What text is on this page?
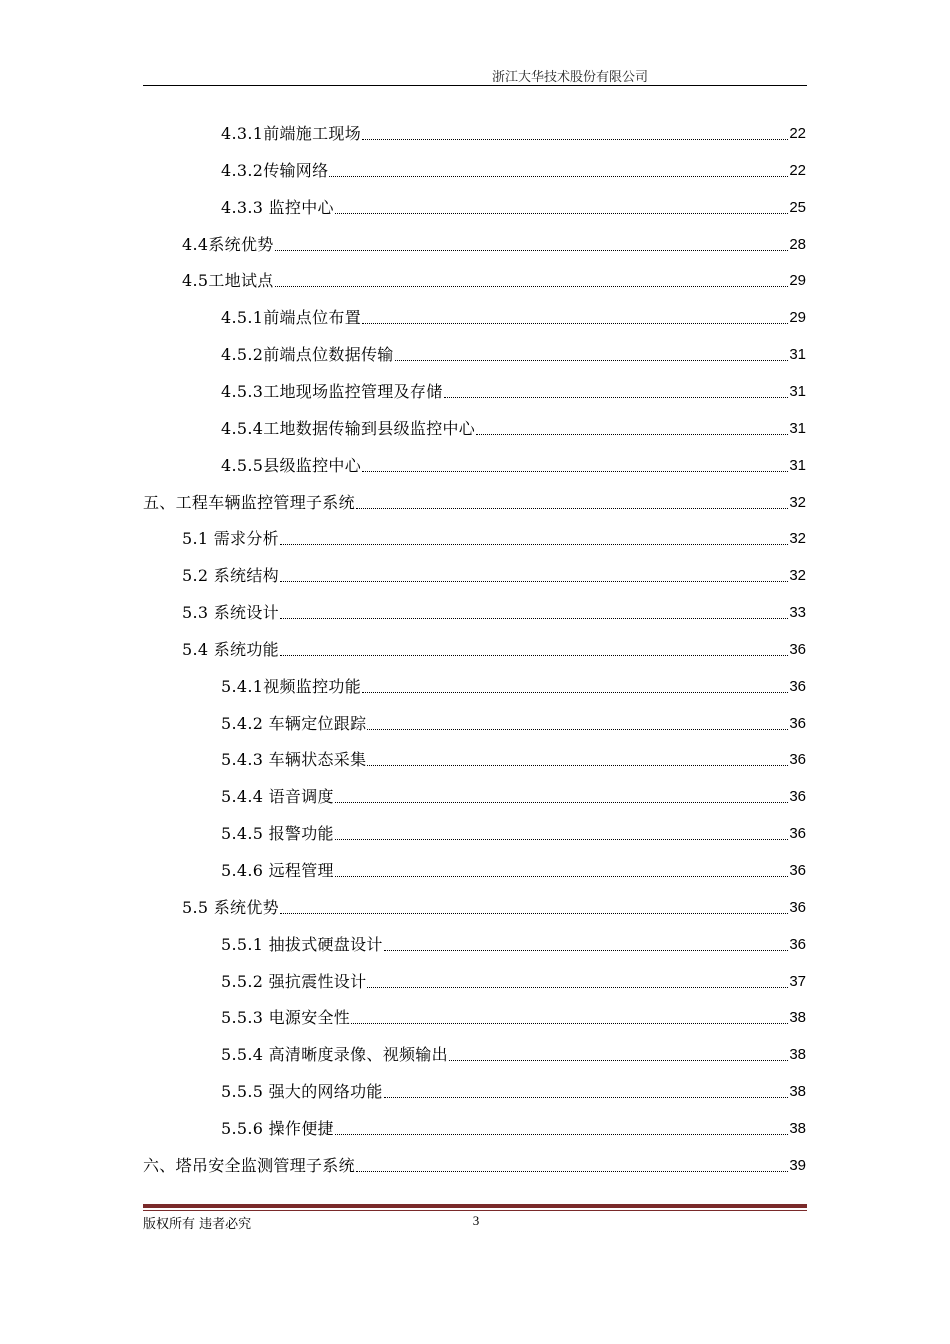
浙江大华技术股份有限公司
4.3.1前端施工现场	22
4.3.2传输网络	22
4.3.3 监控中心	25
4.4系统优势	28
4.5工地试点	29
4.5.1前端点位布置	29
4.5.2前端点位数据传输	31
4.5.3工地现场监控管理及存储	31
4.5.4工地数据传输到县级监控中心	31
4.5.5县级监控中心	31
五、工程车辆监控管理子系统	32
5.1 需求分析	32
5.2 系统结构	32
5.3 系统设计	33
5.4 系统功能	36
5.4.1视频监控功能	36
5.4.2 车辆定位跟踪	36
5.4.3 车辆状态采集	36
5.4.4 语音调度	36
5.4.5 报警功能	36
5.4.6 远程管理	36
5.5 系统优势	36
5.5.1 抽拔式硬盘设计	36
5.5.2 强抗震性设计	37
5.5.3 电源安全性	38
5.5.4 高清晰度录像、视频输出	38
5.5.5 强大的网络功能	38
5.5.6 操作便捷	38
六、塔吊安全监测管理子系统	39
版权所有 违者必究	3
